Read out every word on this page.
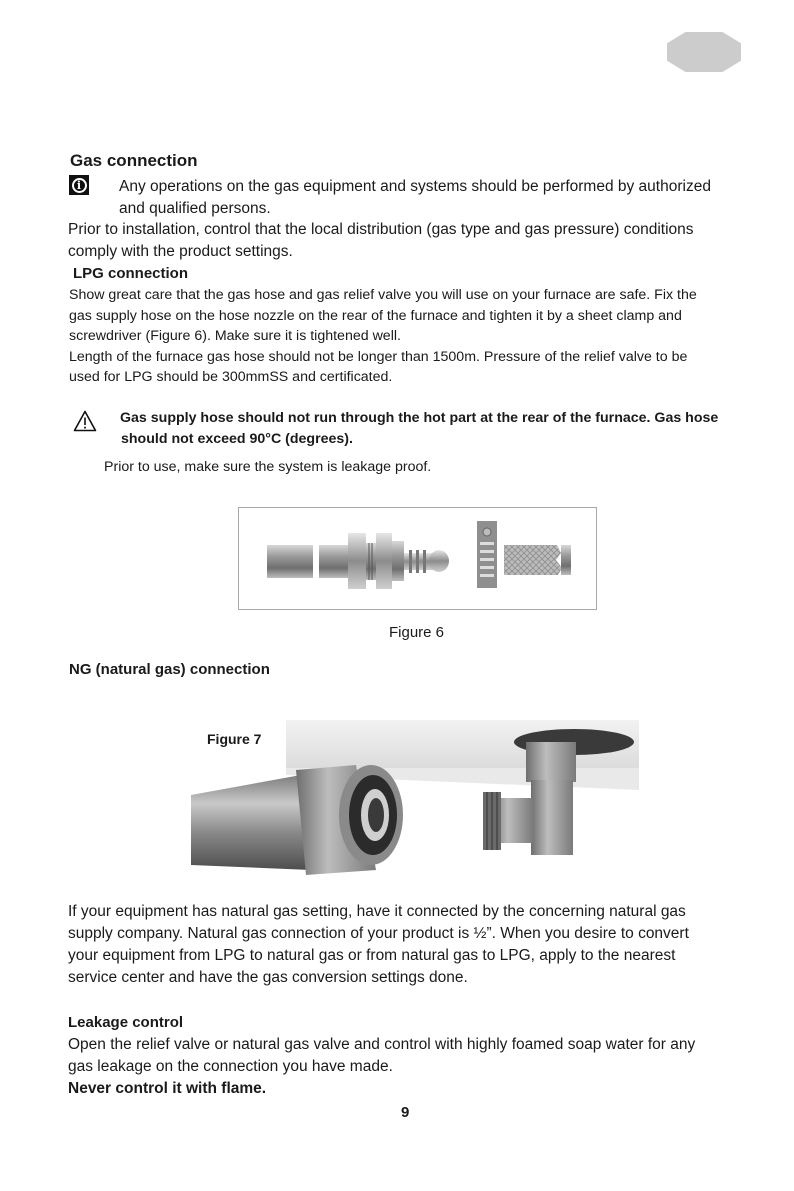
Gas connection
i	Any operations on the gas equipment and systems should be performed by authorized
and qualified persons.
Prior to installation, control that the local distribution (gas type and gas pressure) conditions
comply with the product settings.
LPG connection
Show great care that the gas hose and gas relief valve you will use on your furnace are safe. Fix the
gas supply hose on the hose nozzle on the rear of the furnace and tighten it by a sheet clamp and
screwdriver (Figure 6). Make sure it is tightened well.
Length of the furnace gas hose should not be longer than 1500m. Pressure of the relief valve to be
used for LPG should be 300mmSS and certificated.
Gas supply hose should not run through the hot part at the rear of the furnace. Gas hose
should not exceed 90°C (degrees).
Prior to use, make sure the system is leakage proof.
Figure 6
NG (natural gas) connection
Figure 7
If your equipment has natural gas setting, have it connected by the concerning natural gas
supply company. Natural gas connection of your product is ½”. When you desire to convert
your equipment from LPG to natural gas or from natural gas to LPG, apply to the nearest
service center and have the gas conversion settings done.
Leakage control
Open the relief valve or natural gas valve and control with highly foamed soap water for any
gas leakage on the connection you have made.
Never control it with flame.
9
